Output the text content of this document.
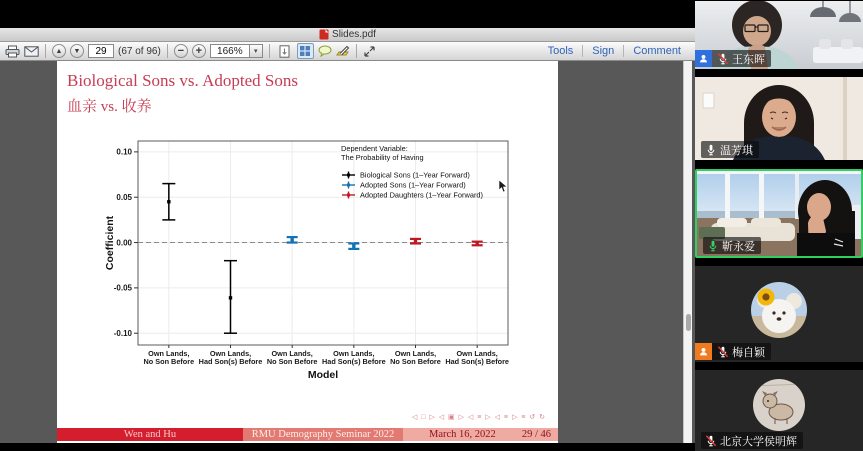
Slides.pdf
▲	▼
29	(67 of 96)	−	+	166%	▾	Tools	Sign	Comment
Biological Sons vs. Adopted Sons
血亲 vs. 收养
0.10
0.05
0.00
-0.05
-0.10
Own Lands, No Son Before
Own Lands, Had Son(s) Before
Own Lands, No Son Before
Own Lands, Had Son(s) Before
Own Lands, No Son Before
Own Lands, Had Son(s) Before
Model
Coefficient
Dependent Variable:
The Probability of Having
Biological Sons (1–Year Forward)
Adopted Sons (1–Year Forward)
Adopted Daughters (1–Year Forward)
◁ □ ▷ ◁ ▣ ▷ ◁ ≡ ▷ ◁ ≡ ▷ ≡ ↺ ↻
Wen and Hu	RMU Demography Seminar 2022	March 16, 2022	29 / 46
王东晖
温芳琪
靳永爱
梅自颖
北京大学侯明辉
